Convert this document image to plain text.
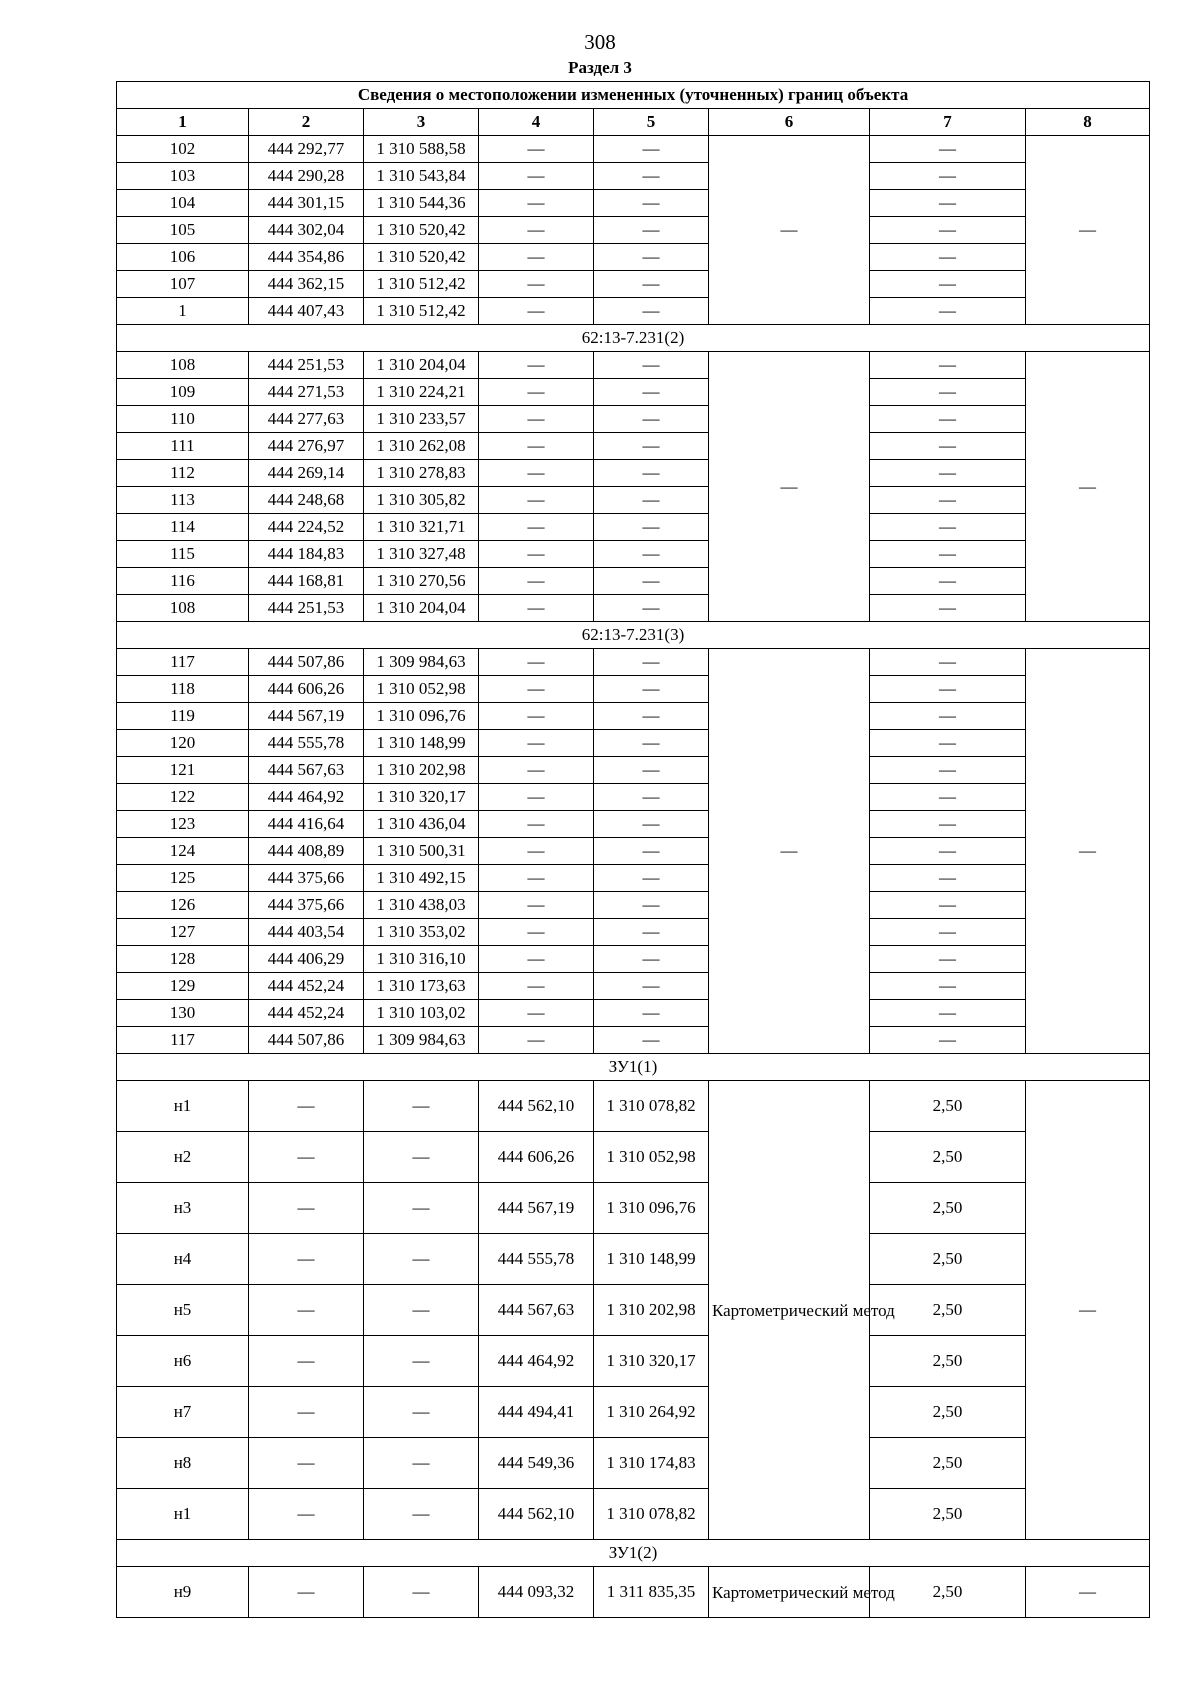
308
Раздел 3
Сведения о местоположении измененных (уточненных) границ объекта							
1	2	3	4	5	6	7	8
102	444 292,77	1 310 588,58	—	—	—	—	—
103	444 290,28	1 310 543,84	—	—		—	
104	444 301,15	1 310 544,36	—	—		—	
105	444 302,04	1 310 520,42	—	—		—	
106	444 354,86	1 310 520,42	—	—		—	
107	444 362,15	1 310 512,42	—	—		—	
1	444 407,43	1 310 512,42	—	—		—	
62:13-7.231(2)							
108	444 251,53	1 310 204,04	—	—	—	—	—
109	444 271,53	1 310 224,21	—	—		—	
110	444 277,63	1 310 233,57	—	—		—	
111	444 276,97	1 310 262,08	—	—		—	
112	444 269,14	1 310 278,83	—	—		—	
113	444 248,68	1 310 305,82	—	—		—	
114	444 224,52	1 310 321,71	—	—		—	
115	444 184,83	1 310 327,48	—	—		—	
116	444 168,81	1 310 270,56	—	—		—	
108	444 251,53	1 310 204,04	—	—		—	
62:13-7.231(3)							
117	444 507,86	1 309 984,63	—	—	—	—	—
118	444 606,26	1 310 052,98	—	—		—	
119	444 567,19	1 310 096,76	—	—		—	
120	444 555,78	1 310 148,99	—	—		—	
121	444 567,63	1 310 202,98	—	—		—	
122	444 464,92	1 310 320,17	—	—		—	
123	444 416,64	1 310 436,04	—	—		—	
124	444 408,89	1 310 500,31	—	—		—	
125	444 375,66	1 310 492,15	—	—		—	
126	444 375,66	1 310 438,03	—	—		—	
127	444 403,54	1 310 353,02	—	—		—	
128	444 406,29	1 310 316,10	—	—		—	
129	444 452,24	1 310 173,63	—	—		—	
130	444 452,24	1 310 103,02	—	—		—	
117	444 507,86	1 309 984,63	—	—		—	
ЗУ1(1)							
н1	—	—	444 562,10	1 310 078,82	Картометрический метод	2,50	—
н2	—	—	444 606,26	1 310 052,98		2,50	
н3	—	—	444 567,19	1 310 096,76		2,50	
н4	—	—	444 555,78	1 310 148,99		2,50	
н5	—	—	444 567,63	1 310 202,98		2,50	
н6	—	—	444 464,92	1 310 320,17		2,50	
н7	—	—	444 494,41	1 310 264,92		2,50	
н8	—	—	444 549,36	1 310 174,83		2,50	
н1	—	—	444 562,10	1 310 078,82		2,50	
ЗУ1(2)							
н9	—	—	444 093,32	1 311 835,35	Картометрический метод	2,50	—
